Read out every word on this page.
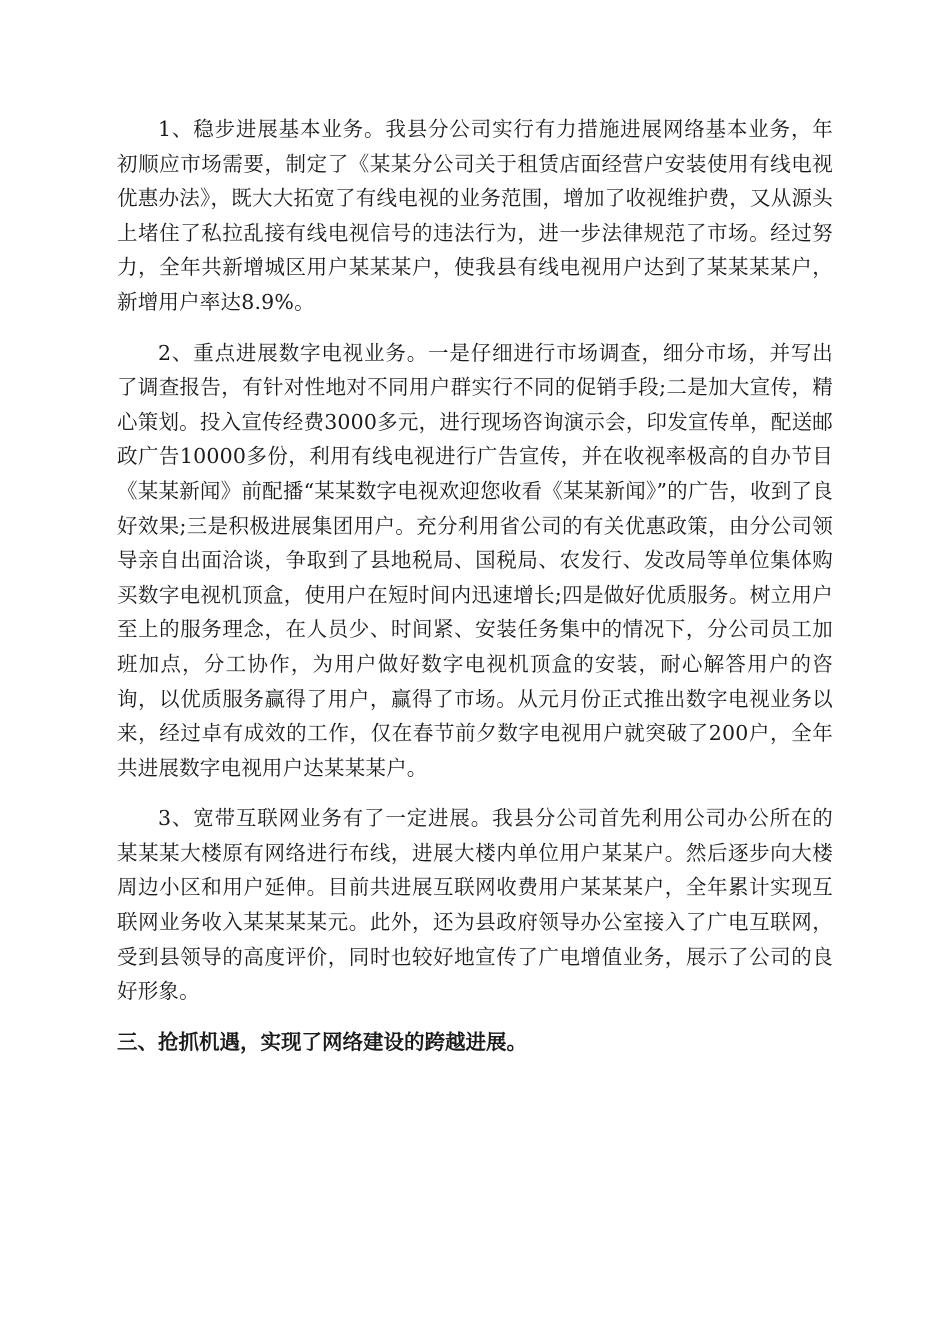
1、稳步进展基本业务。我县分公司实行有力措施进展网络基本业务，年初顺应市场需要，制定了《某某分公司关于租赁店面经营户安装使用有线电视优惠办法》，既大大拓宽了有线电视的业务范围，增加了收视维护费，又从源头上堵住了私拉乱接有线电视信号的违法行为，进一步法律规范了市场。经过努力，全年共新增城区用户某某某户，使我县有线电视用户达到了某某某某户，新增用户率达8.9%。

2、重点进展数字电视业务。一是仔细进行市场调查，细分市场，并写出了调查报告，有针对性地对不同用户群实行不同的促销手段;二是加大宣传，精心策划。投入宣传经费3000多元，进行现场咨询演示会，印发宣传单，配送邮政广告10000多份，利用有线电视进行广告宣传，并在收视率极高的自办节目《某某新闻》前配播“某某数字电视欢迎您收看《某某新闻》”的广告，收到了良好效果;三是积极进展集团用户。充分利用省公司的有关优惠政策，由分公司领导亲自出面洽谈，争取到了县地税局、国税局、农发行、发改局等单位集体购买数字电视机顶盒，使用户在短时间内迅速增长;四是做好优质服务。树立用户至上的服务理念，在人员少、时间紧、安装任务集中的情况下，分公司员工加班加点，分工协作，为用户做好数字电视机顶盒的安装，耐心解答用户的咨询，以优质服务赢得了用户，赢得了市场。从元月份正式推出数字电视业务以来，经过卓有成效的工作，仅在春节前夕数字电视用户就突破了200户，全年共进展数字电视用户达某某某户。

3、宽带互联网业务有了一定进展。我县分公司首先利用公司办公所在的某某某大楼原有网络进行布线，进展大楼内单位用户某某户。然后逐步向大楼周边小区和用户延伸。目前共进展互联网收费用户某某某户，全年累计实现互联网业务收入某某某某元。此外，还为县政府领导办公室接入了广电互联网，受到县领导的高度评价，同时也较好地宣传了广电增值业务，展示了公司的良好形象。

三、抢抓机遇，实现了网络建设的跨越进展。
